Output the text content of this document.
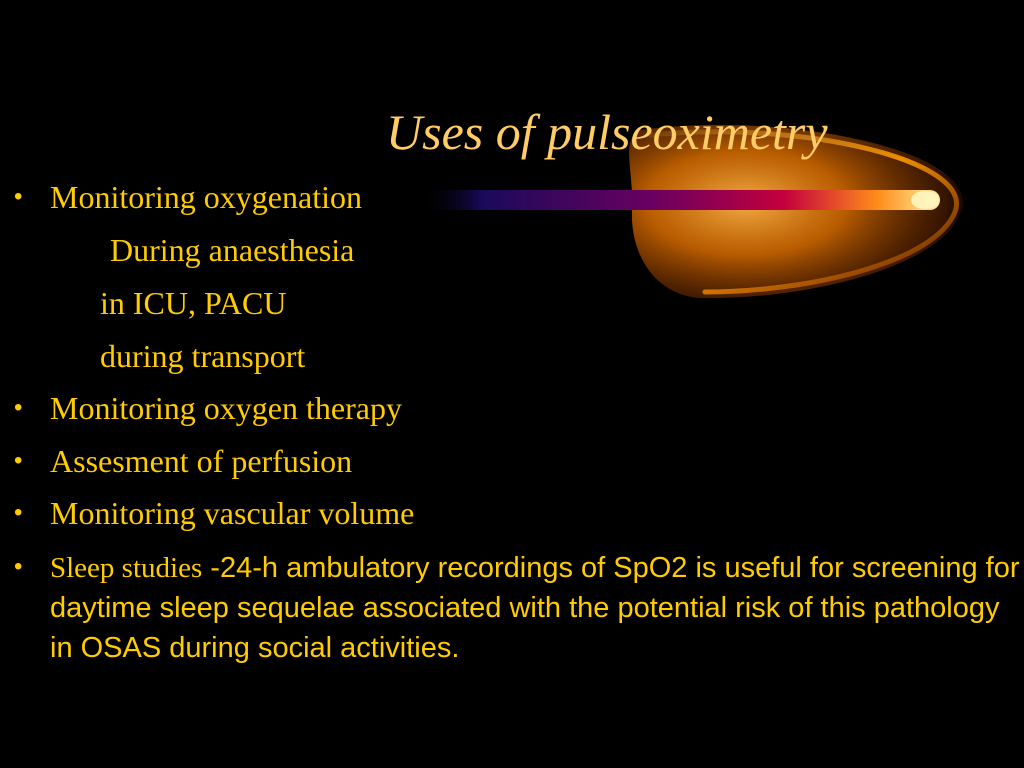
Uses of pulseoximetry
• Monitoring oxygenation
During anaesthesia
in ICU, PACU
during transport
• Monitoring oxygen therapy
• Assesment of perfusion
• Monitoring vascular volume
• Sleep studies -24-h ambulatory recordings of SpO2 is useful for screening for daytime sleep sequelae associated with the potential risk of this pathology in OSAS during social activities.
